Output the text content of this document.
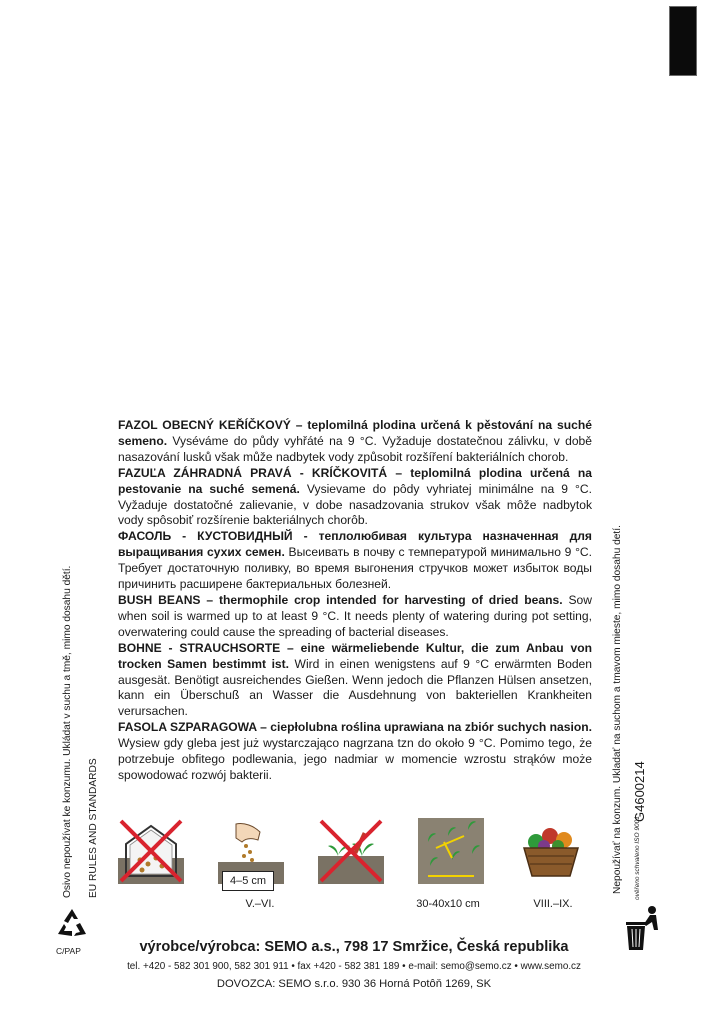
FAZOL OBECNÝ KEŘÍČKOVÝ – teplomilná plodina určená k pěstování na suché semeno. Vyséváme do půdy vyhřáté na 9 °C. Vyžaduje dostatečnou zálivku, v době nasazování lusků však může nadbytek vody způsobit rozšíření bakteriálních chorob.

FAZUĽA ZÁHRADNÁ PRAVÁ - KRÍČKOVITÁ – teplomilná plodina určená na pestovanie na suché semená. Vysievame do pôdy vyhriatej minimálne na 9 °C. Vyžaduje dostatočné zalievanie, v dobe nasadzovania strukov však môže nadbytok vody spôsobiť rozšírenie bakteriálnych chorôb.

ФАСОЛЬ - КУСТОВИДНЫЙ - теплолюбивая культура назначенная для выращивания сухих семен. Высеивать в почву с температурой минимальнo 9 °C. Требует достаточную поливку, во время выгонения стручков может избыток воды причинить расширене бактериальных болезней.

BUSH BEANS – thermophile crop intended for harvesting of dried beans. Sow when soil is warmed up to at least 9 °C. It needs plenty of watering during pot setting, overwatering could cause the spreading of bacterial diseases.

BOHNE - STRAUCHSORTE – eine wärmeliebende Kultur, die zum Anbau von trocken Samen bestimmt ist. Wird in einen wenigstens auf 9 °C erwärmten Boden ausgesät. Benötigt ausreichendes Gießen. Wenn jedoch die Pflanzen Hülsen ansetzen, kann ein Überschuß an Wasser die Ausdehnung von bakteriellen Krankheiten verursachen.

FASOLA SZPARAGOWA – ciepłolubna roślina uprawiana na zbiór suchych nasion. Wysiew gdy gleba jest już wystarczająco nagrzana tzn do około 9 °C. Pomimo tego, że potrzebuje obfitego podlewania, jego nadmiar w momencie wzrostu strąków może spowodować rozwój bakterii.

Osivo nepoužívat ke konzumu. Ukládat v suchu a tmě, mimo dosahu dětí. EU RULES AND STANDARDS	Nepoužívať na konzum. Ukladať na suchom a tmavom mieste, mimo dosahu detí. G4600214
ověřeno schvaleno ISO 9001
4–5 cm
V.–VI.	30-40x10 cm	VIII.–IX.
C/PAP	výrobce/výrobca: SEMO a.s., 798 17 Smržice, Česká republika
tel. +420 - 582 301 900, 582 301 911 • fax +420 - 582 381 189 • e-mail: semo@semo.cz • www.semo.cz
DOVOZCA: SEMO s.r.o. 930 36 Horná Potôň 1269, SK
